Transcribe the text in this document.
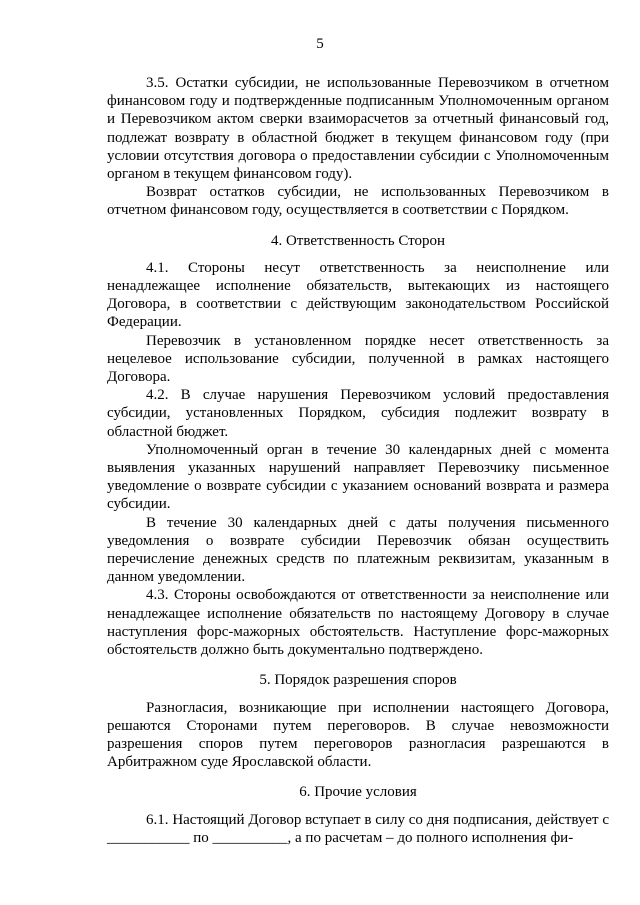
5

3.5. Остатки субсидии, не использованные Перевозчиком в отчетном финансовом году и подтвержденные подписанным Уполномоченным органом и Перевозчиком актом сверки взаиморасчетов за отчетный финансовый год, подлежат возврату в областной бюджет в текущем финансовом году (при условии отсутствия договора о предоставлении субсидии с Уполномоченным органом в текущем финансовом году).

Возврат остатков субсидии, не использованных Перевозчиком в отчетном финансовом году, осуществляется в соответствии с Порядком.

4. Ответственность Сторон

4.1. Стороны несут ответственность за неисполнение или ненадлежащее исполнение обязательств, вытекающих из настоящего Договора, в соответствии с действующим законодательством Российской Федерации.

Перевозчик в установленном порядке несет ответственность за нецелевое использование субсидии, полученной в рамках настоящего Договора.

4.2. В случае нарушения Перевозчиком условий предоставления субсидии, установленных Порядком, субсидия подлежит возврату в областной бюджет.

Уполномоченный орган в течение 30 календарных дней с момента выявления указанных нарушений направляет Перевозчику письменное уведомление о возврате субсидии с указанием оснований возврата и размера субсидии.

В течение 30 календарных дней с даты получения письменного уведомления о возврате субсидии Перевозчик обязан осуществить перечисление денежных средств по платежным реквизитам, указанным в данном уведомлении.

4.3. Стороны освобождаются от ответственности за неисполнение или ненадлежащее исполнение обязательств по настоящему Договору в случае наступления форс-мажорных обстоятельств. Наступление форс-мажорных обстоятельств должно быть документально подтверждено.

5. Порядок разрешения споров

Разногласия, возникающие при исполнении настоящего Договора, решаются Сторонами путем переговоров. В случае невозможности разрешения споров путем переговоров разногласия разрешаются в Арбитражном суде Ярославской области.

6. Прочие условия

6.1. Настоящий Договор вступает в силу со дня подписания, действует с ___________ по __________, а по расчетам – до полного исполнения фи-
